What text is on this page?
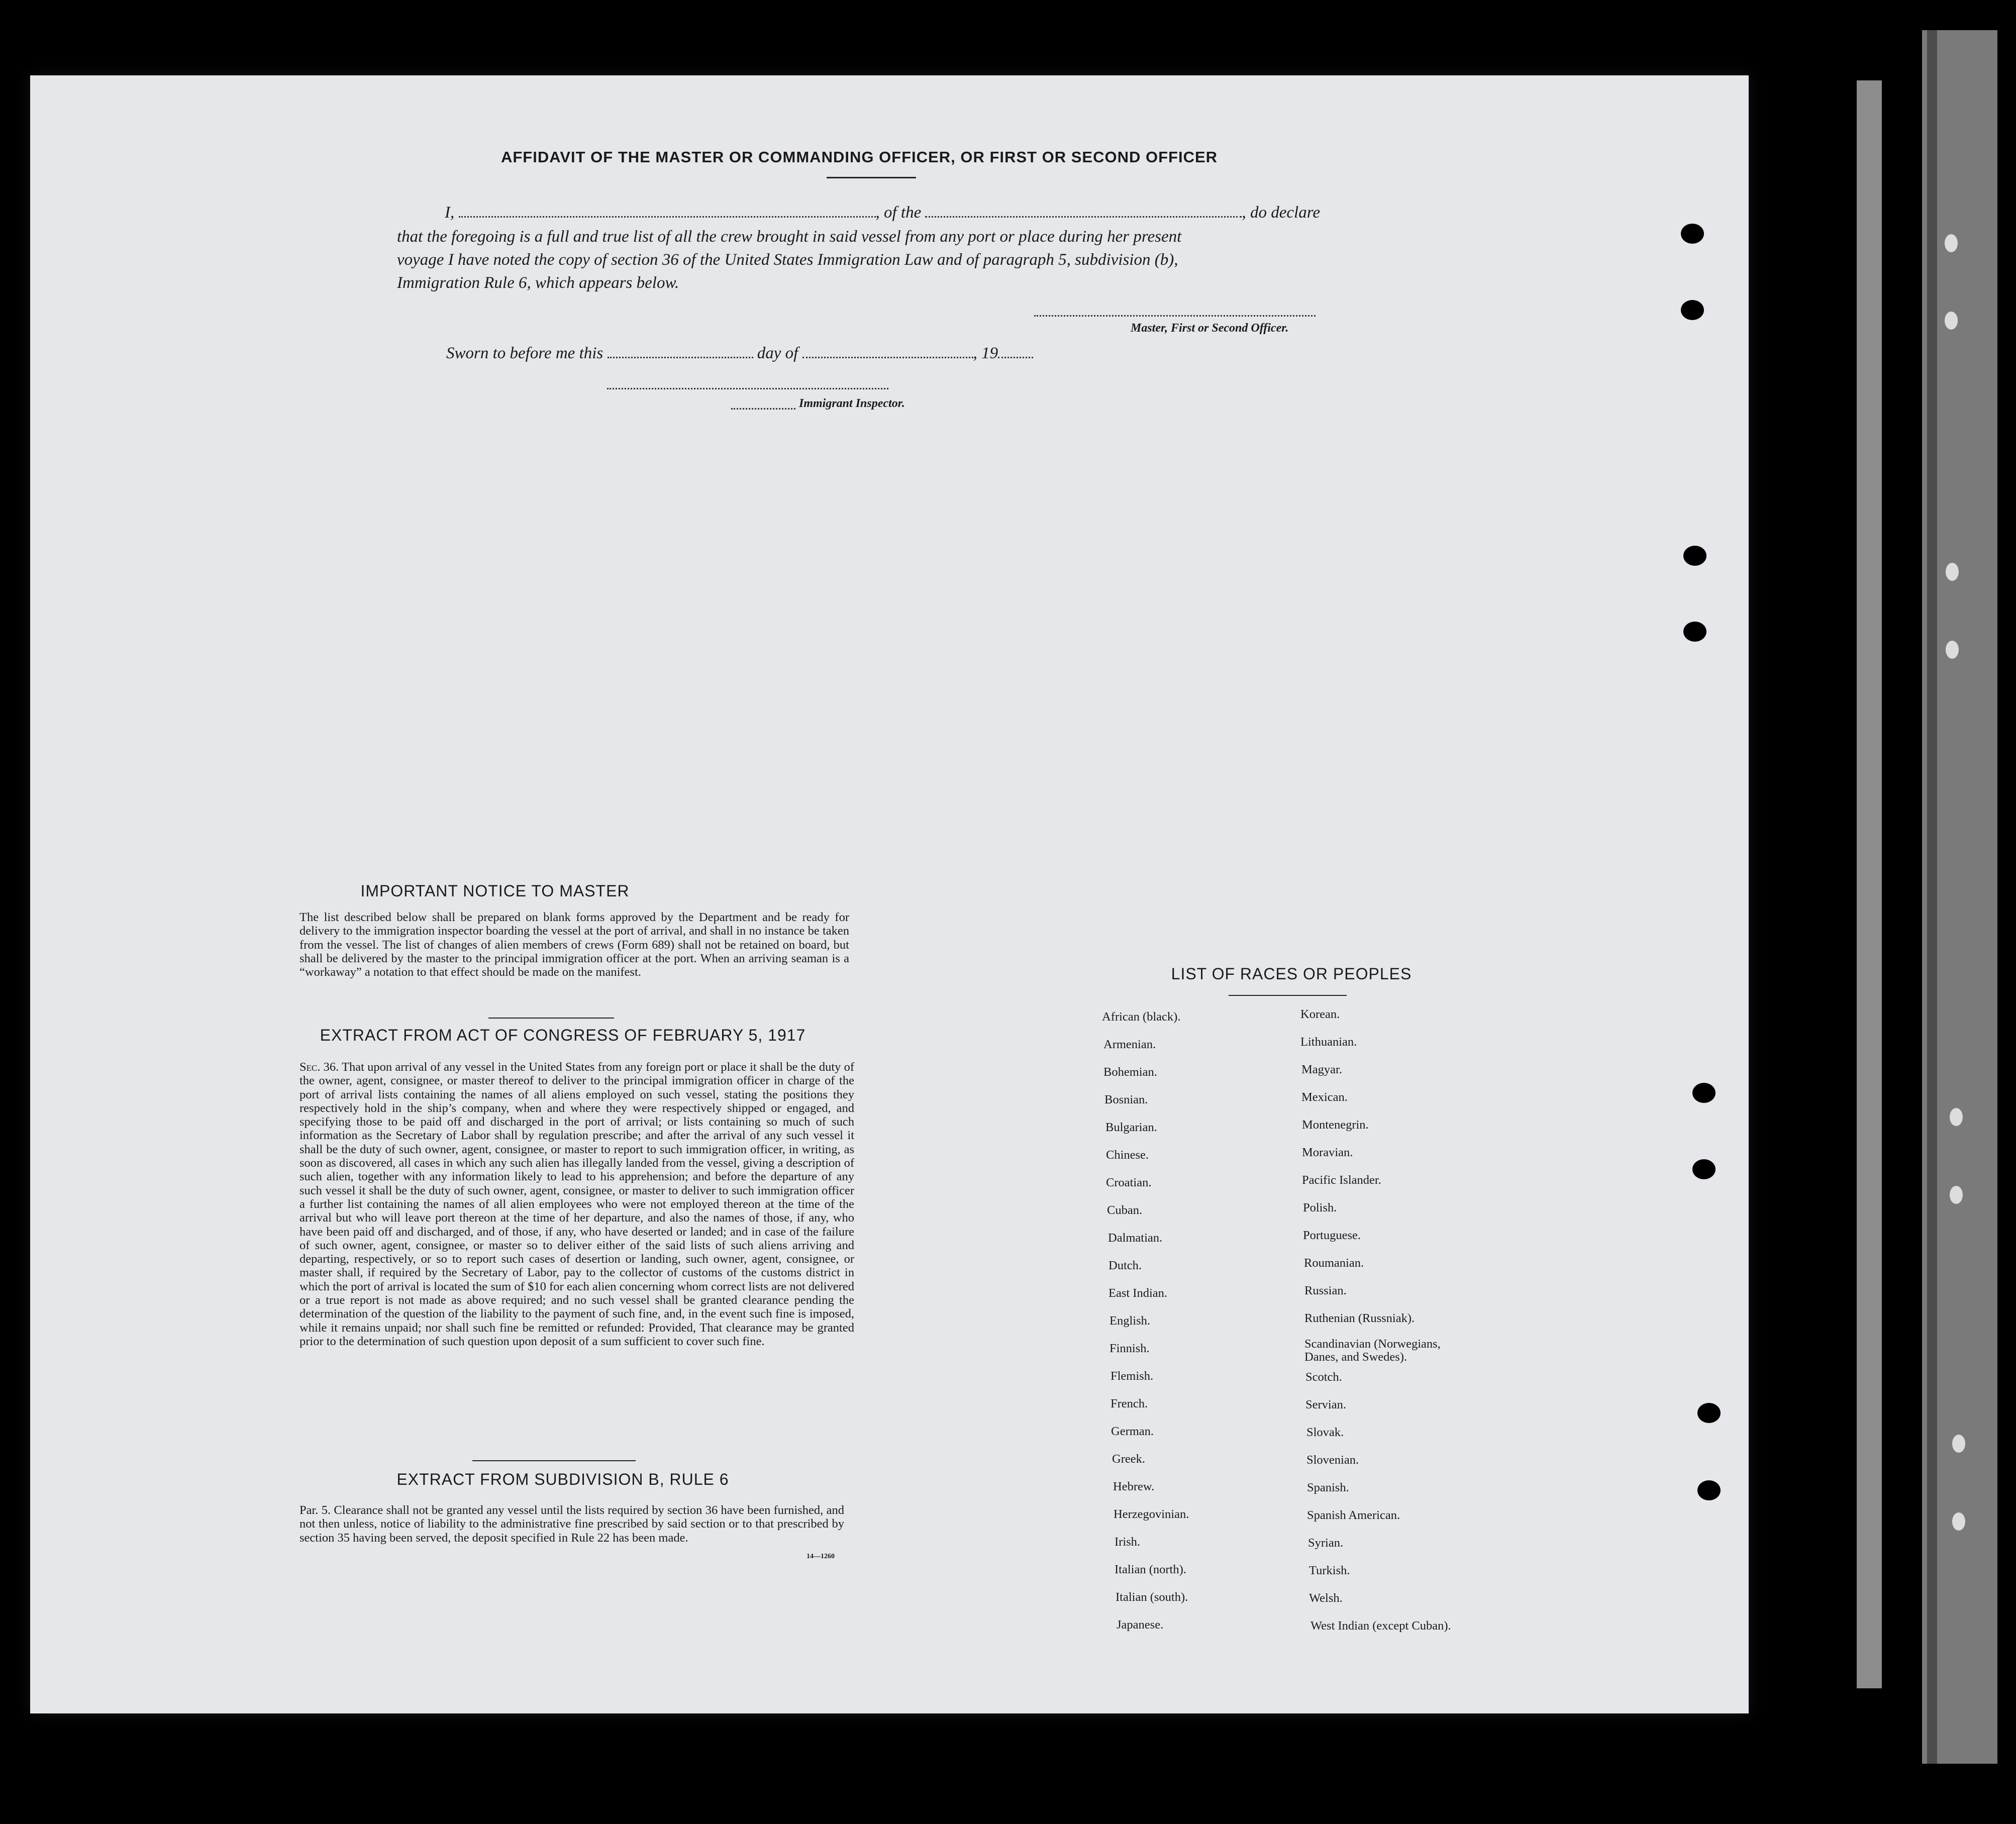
AFFIDAVIT OF THE MASTER OR COMMANDING OFFICER, OR FIRST OR SECOND OFFICER
I,	, of the	, do declare
that the foregoing is a full and true list of all the crew brought in said vessel from any port or place during her present
voyage I have noted the copy of section 36 of the United States Immigration Law and of paragraph 5, subdivision (b),
Immigration Rule 6, which appears below.
Master, First or Second Officer.
Sworn to before me this	day of	, 19
Immigrant Inspector.
IMPORTANT NOTICE TO MASTER
The list described below shall be prepared on blank forms approved by the Department and be ready for delivery to the immigration inspector boarding the vessel at the port of arrival, and shall in no instance be taken from the vessel. The list of changes of alien members of crews (Form 689) shall not be retained on board, but shall be delivered by the master to the principal immigration officer at the port. When an arriving seaman is a “workaway” a notation to that effect should be made on the manifest.
EXTRACT FROM ACT OF CONGRESS OF FEBRUARY 5, 1917
Sec. 36. That upon arrival of any vessel in the United States from any foreign port or place it shall be the duty of the owner, agent, consignee, or master thereof to deliver to the principal immigration officer in charge of the port of arrival lists containing the names of all aliens employed on such vessel, stating the positions they respectively hold in the ship’s company, when and where they were respectively shipped or engaged, and specifying those to be paid off and discharged in the port of arrival; or lists containing so much of such information as the Secretary of Labor shall by regulation prescribe; and after the arrival of any such vessel it shall be the duty of such owner, agent, consignee, or master to report to such immigration officer, in writing, as soon as discovered, all cases in which any such alien has illegally landed from the vessel, giving a description of such alien, together with any information likely to lead to his apprehension; and before the departure of any such vessel it shall be the duty of such owner, agent, consignee, or master to deliver to such immigration officer a further list containing the names of all alien employees who were not employed thereon at the time of the arrival but who will leave port thereon at the time of her departure, and also the names of those, if any, who have been paid off and discharged, and of those, if any, who have deserted or landed; and in case of the failure of such owner, agent, consignee, or master so to deliver either of the said lists of such aliens arriving and departing, respectively, or so to report such cases of desertion or landing, such owner, agent, consignee, or master shall, if required by the Secretary of Labor, pay to the collector of customs of the customs district in which the port of arrival is located the sum of $10 for each alien concerning whom correct lists are not delivered or a true report is not made as above required; and no such vessel shall be granted clearance pending the determination of the question of the liability to the payment of such fine, and, in the event such fine is imposed, while it remains unpaid; nor shall such fine be remitted or refunded: Provided, That clearance may be granted prior to the determination of such question upon deposit of a sum sufficient to cover such fine.
EXTRACT FROM SUBDIVISION B, RULE 6
Par. 5. Clearance shall not be granted any vessel until the lists required by section 36 have been furnished, and not then unless, notice of liability to the administrative fine prescribed by said section or to that prescribed by section 35 having been served, the deposit specified in Rule 22 has been made.
14—1260
LIST OF RACES OR PEOPLES
African (black).
Armenian.
Bohemian.
Bosnian.
Bulgarian.
Chinese.
Croatian.
Cuban.
Dalmatian.
Dutch.
East Indian.
English.
Finnish.
Flemish.
French.
German.
Greek.
Hebrew.
Herzegovinian.
Irish.
Italian (north).
Italian (south).
Japanese.
Korean.
Lithuanian.
Magyar.
Mexican.
Montenegrin.
Moravian.
Pacific Islander.
Polish.
Portuguese.
Roumanian.
Russian.
Ruthenian (Russniak).
Scandinavian (Norwegians, Danes, and Swedes).
Scotch.
Servian.
Slovak.
Slovenian.
Spanish.
Spanish American.
Syrian.
Turkish.
Welsh.
West Indian (except Cuban).
